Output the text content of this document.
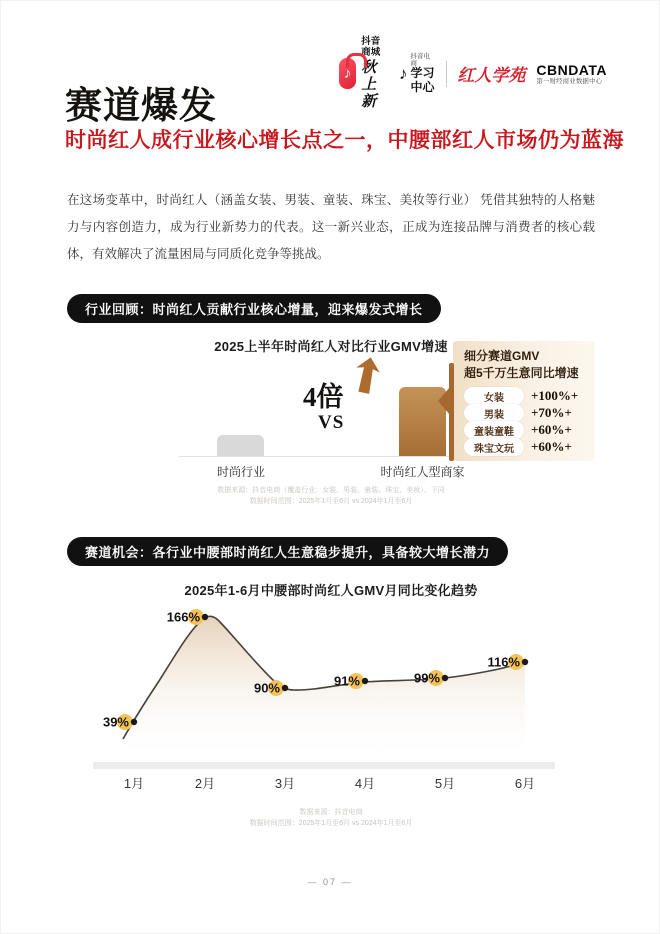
♪
抖音商城
秋上新
♪
抖音电商
学习中心
红人学苑 CBNDATA
第一财经商业数据中心
赛道爆发
时尚红人成行业核心增长点之一，中腰部红人市场仍为蓝海

在这场变革中，时尚红人（涵盖女装、男装、童装、珠宝、美妆等行业） 凭借其独特的人格魅力与内容创造力，成为行业新势力的代表。这一新兴业态，正成为连接品牌与消费者的核心载体，有效解决了流量困局与同质化竞争等挑战。

行业回顾：时尚红人贡献行业核心增量，迎来爆发式增长
2025上半年时尚红人对比行业GMV增速
时尚行业	时尚红人型商家
4倍
VS
细分赛道GMV
超5千万生意同比增速
女装	+100%+
男装	+70%+
童装童鞋	+60%+
珠宝文玩	+60%+
数据来源：抖音电商（覆盖行业：女装、男装、童装、珠宝、美妆）、下同
数据时间范围：2025年1月至6月 vs 2024年1月至6月
赛道机会：各行业中腰部时尚红人生意稳步提升，具备较大增长潜力
2025年1-6月中腰部时尚红人GMV月同比变化趋势
39%
166%
90%	91%	99%
116%
1月	2月	3月	4月	5月	6月
数据来源：抖音电商
数据时间范围：2025年1月至6月 vs 2024年1月至6月
— 07 —
